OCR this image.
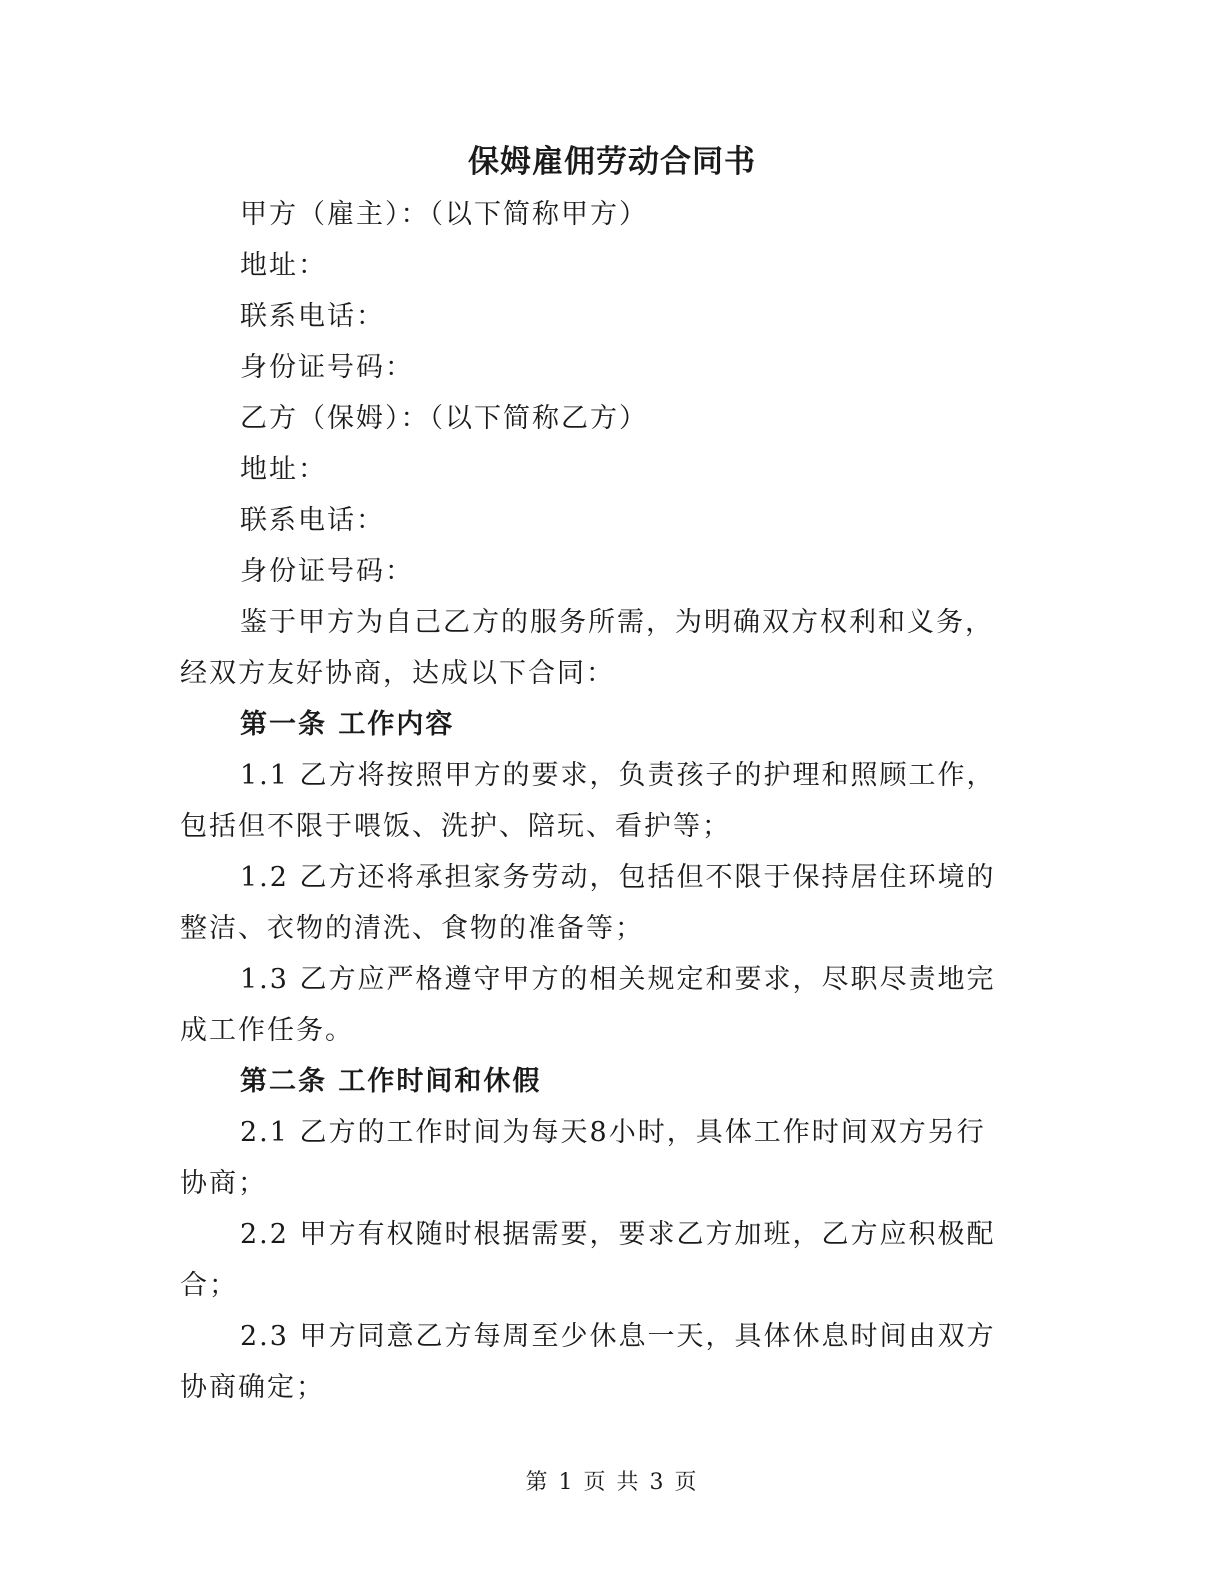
保姆雇佣劳动合同书
甲方（雇主）：（以下简称甲方）
地址：
联系电话：
身份证号码：
乙方（保姆）：（以下简称乙方）
地址：
联系电话：
身份证号码：
鉴于甲方为自己乙方的服务所需，为明确双方权利和义务，
经双方友好协商，达成以下合同：
第一条 工作内容
1.1 乙方将按照甲方的要求，负责孩子的护理和照顾工作，
包括但不限于喂饭、洗护、陪玩、看护等；
1.2 乙方还将承担家务劳动，包括但不限于保持居住环境的
整洁、衣物的清洗、食物的准备等；
1.3 乙方应严格遵守甲方的相关规定和要求，尽职尽责地完
成工作任务。
第二条 工作时间和休假
2.1 乙方的工作时间为每天8小时，具体工作时间双方另行
协商；
2.2 甲方有权随时根据需要，要求乙方加班，乙方应积极配
合；
2.3 甲方同意乙方每周至少休息一天，具体休息时间由双方
协商确定；
第 1 页 共 3 页
